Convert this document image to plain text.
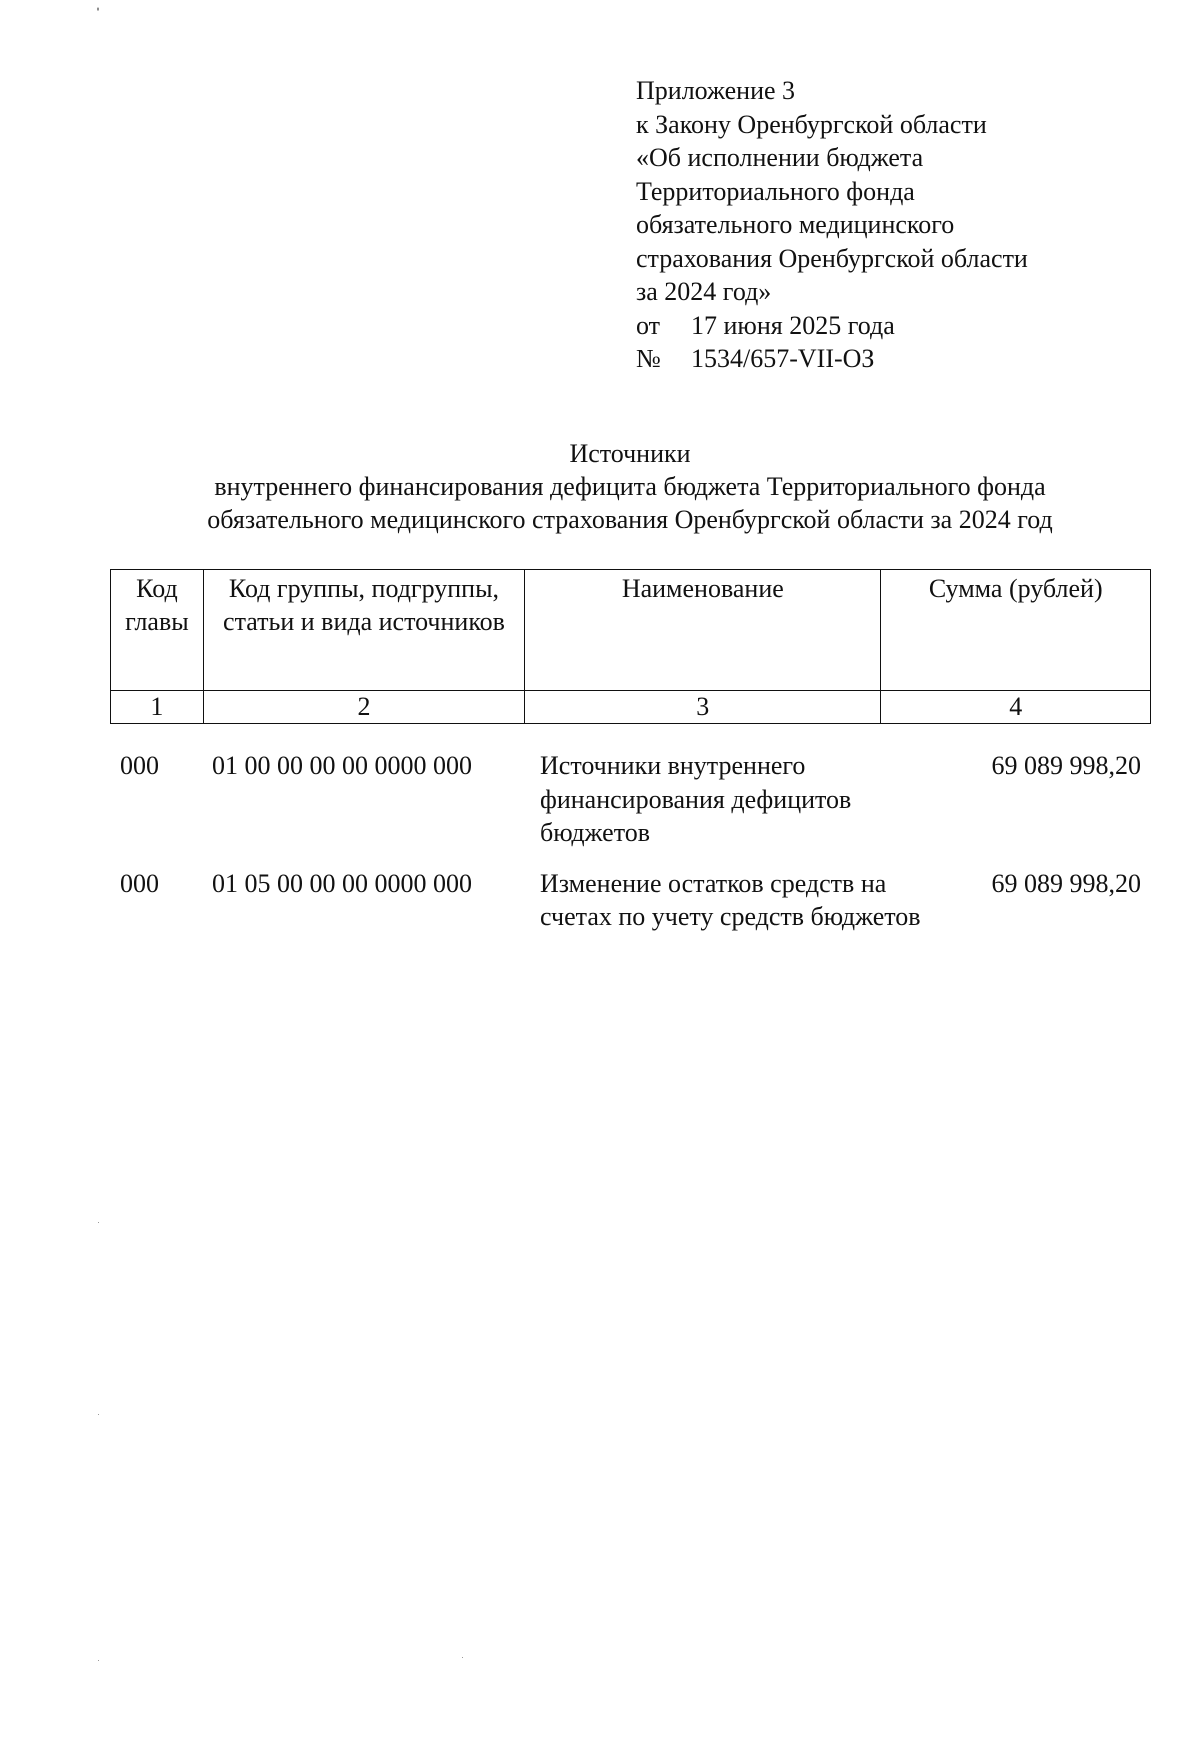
ˈ
Приложение 3
к Закону Оренбургской области
«Об исполнении бюджета
Территориального фонда
обязательного медицинского
страхования Оренбургской области
за 2024 год»
от	17 июня 2025 года
№	1534/657-VII-ОЗ
Источники
внутреннего финансирования дефицита бюджета Территориального фонда
обязательного медицинского страхования Оренбургской области за 2024 год
Код главы	Код группы, подгруппы, статьи и вида источников	Наименование	Сумма (рублей)
1	2	3	4
000	01 00 00 00 00 0000 000	Источники внутреннего финансирования дефицитов бюджетов	69 089 998,20
000	01 05 00 00 00 0000 000	Изменение остатков средств на счетах по учету средств бюджетов	69 089 998,20
